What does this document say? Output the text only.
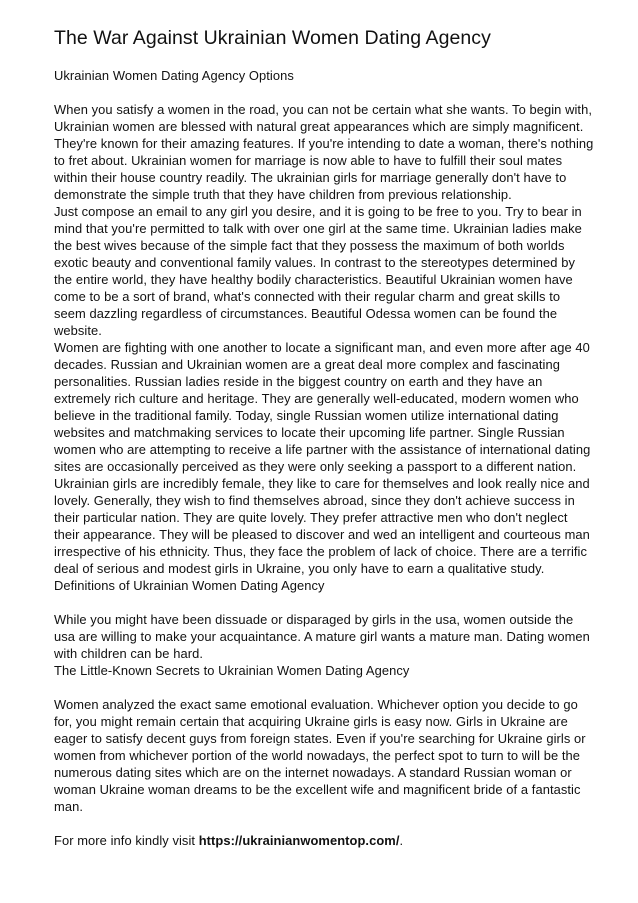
The War Against Ukrainian Women Dating Agency

Ukrainian Women Dating Agency Options

When you satisfy a women in the road, you can not be certain what she wants. To begin with, Ukrainian women are blessed with natural great appearances which are simply magnificent. They're known for their amazing features. If you're intending to date a woman, there's nothing to fret about. Ukrainian women for marriage is now able to have to fulfill their soul mates within their house country readily. The ukrainian girls for marriage generally don't have to demonstrate the simple truth that they have children from previous relationship.

Just compose an email to any girl you desire, and it is going to be free to you. Try to bear in mind that you're permitted to talk with over one girl at the same time. Ukrainian ladies make the best wives because of the simple fact that they possess the maximum of both worlds exotic beauty and conventional family values. In contrast to the stereotypes determined by the entire world, they have healthy bodily characteristics. Beautiful Ukrainian women have come to be a sort of brand, what's connected with their regular charm and great skills to seem dazzling regardless of circumstances. Beautiful Odessa women can be found the website.

Women are fighting with one another to locate a significant man, and even more after age 40 decades. Russian and Ukrainian women are a great deal more complex and fascinating personalities. Russian ladies reside in the biggest country on earth and they have an extremely rich culture and heritage. They are generally well-educated, modern women who believe in the traditional family. Today, single Russian women utilize international dating websites and matchmaking services to locate their upcoming life partner. Single Russian women who are attempting to receive a life partner with the assistance of international dating sites are occasionally perceived as they were only seeking a passport to a different nation. Ukrainian girls are incredibly female, they like to care for themselves and look really nice and lovely. Generally, they wish to find themselves abroad, since they don't achieve success in their particular nation. They are quite lovely. They prefer attractive men who don't neglect their appearance. They will be pleased to discover and wed an intelligent and courteous man irrespective of his ethnicity. Thus, they face the problem of lack of choice. There are a terrific deal of serious and modest girls in Ukraine, you only have to earn a qualitative study.

Definitions of Ukrainian Women Dating Agency

While you might have been dissuade or disparaged by girls in the usa, women outside the usa are willing to make your acquaintance. A mature girl wants a mature man. Dating women with children can be hard.

The Little-Known Secrets to Ukrainian Women Dating Agency

Women analyzed the exact same emotional evaluation. Whichever option you decide to go for, you might remain certain that acquiring Ukraine girls is easy now. Girls in Ukraine are eager to satisfy decent guys from foreign states. Even if you're searching for Ukraine girls or women from whichever portion of the world nowadays, the perfect spot to turn to will be the numerous dating sites which are on the internet nowadays. A standard Russian woman or woman Ukraine woman dreams to be the excellent wife and magnificent bride of a fantastic man.

For more info kindly visit https://ukrainianwomentop.com/.
